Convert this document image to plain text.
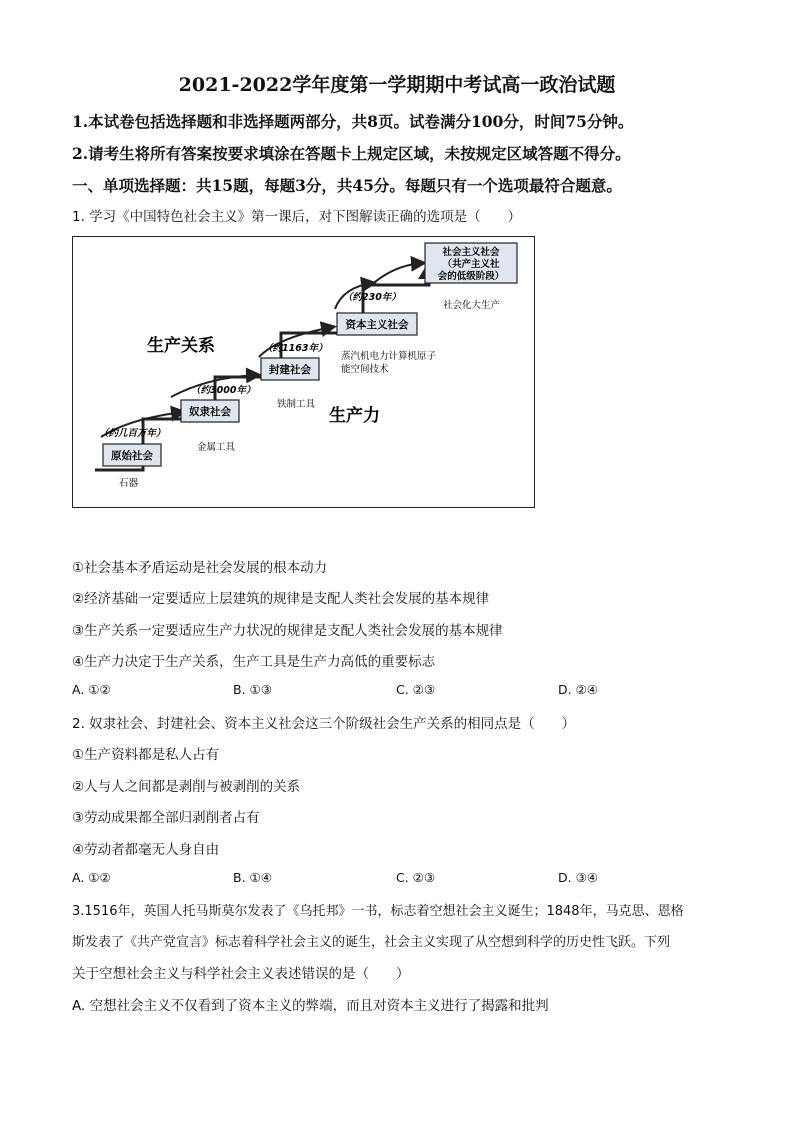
2021-2022学年度第一学期期中考试高一政治试题
1.本试卷包括选择题和非选择题两部分，共8页。试卷满分100分，时间75分钟。
2.请考生将所有答案按要求填涂在答题卡上规定区域，未按规定区域答题不得分。
一、单项选择题：共15题，每题3分，共45分。每题只有一个选项最符合题意。
1. 学习《中国特色社会主义》第一课后，对下图解读正确的选项是（　　）
原始社会
奴隶社会
封建社会
资本主义社会
社会主义社会
（共产主义社
会的低级阶段）
（约几百万年）
（约3000年）
（约1163年）
（约230年）
石器
金属工具
铁制工具
蒸汽机电力计算机原子
能空间技术
社会化大生产
生产关系
生产力
①社会基本矛盾运动是社会发展的根本动力
②经济基础一定要适应上层建筑的规律是支配人类社会发展的基本规律
③生产关系一定要适应生产力状况的规律是支配人类社会发展的基本规律
④生产力决定于生产关系，生产工具是生产力高低的重要标志
A. ①②	B. ①③	C. ②③	D. ②④
2. 奴隶社会、封建社会、资本主义社会这三个阶级社会生产关系的相同点是（　　）
①生产资料都是私人占有
②人与人之间都是剥削与被剥削的关系
③劳动成果都全部归剥削者占有
④劳动者都毫无人身自由
A. ①②	B. ①④	C. ②③	D. ③④
3.1516年，英国人托马斯莫尔发表了《乌托邦》一书，标志着空想社会主义诞生；1848年，马克思、恩格
斯发表了《共产党宣言》标志着科学社会主义的诞生，社会主义实现了从空想到科学的历史性飞跃。下列
关于空想社会主义与科学社会主义表述错误的是（　　）
A. 空想社会主义不仅看到了资本主义的弊端，而且对资本主义进行了揭露和批判
